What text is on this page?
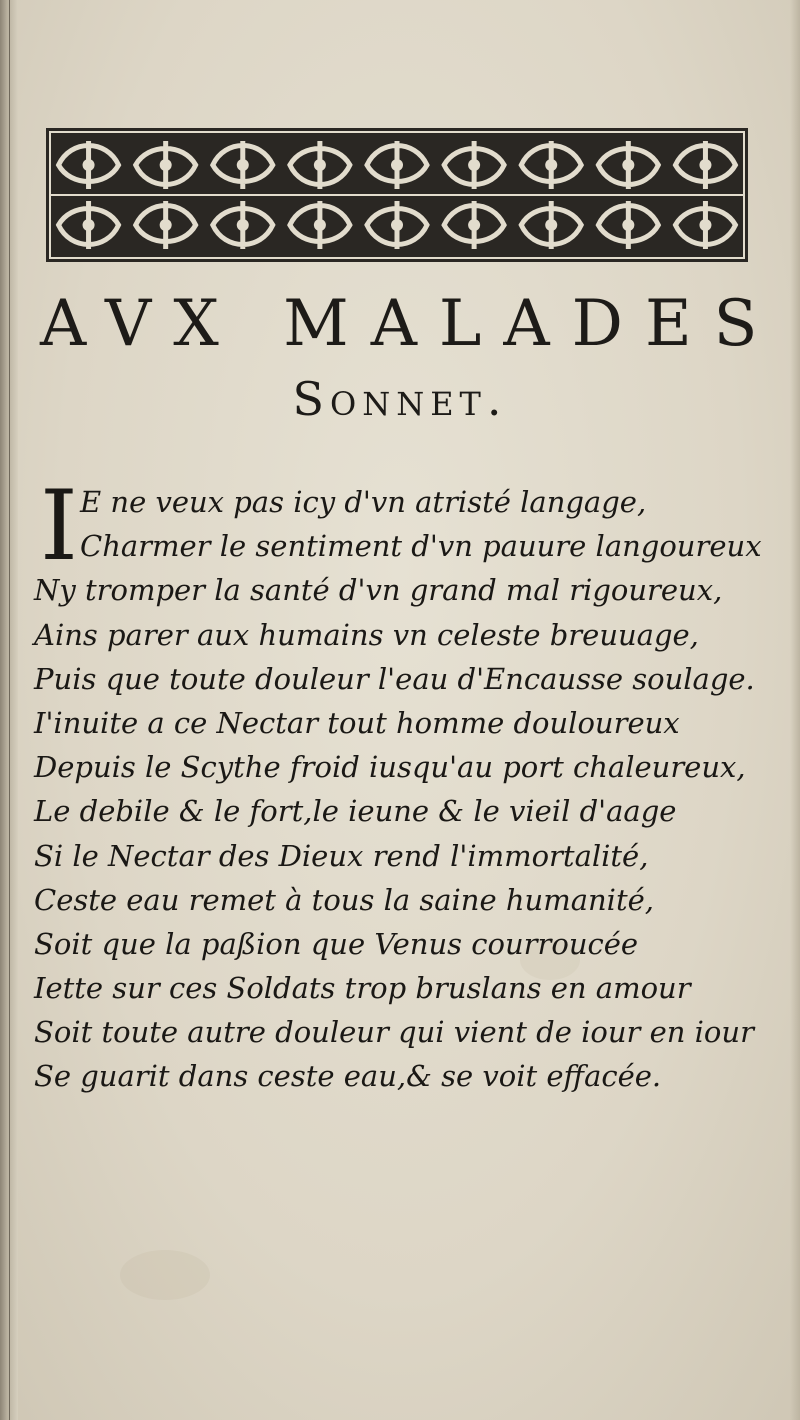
AVX MALADES
Sonnet.
I E ne veux pas icy d'vn atristé langage,
Charmer le sentiment d'vn pauure langoureux
Ny tromper la santé d'vn grand mal rigoureux,
Ains parer aux humains vn celeste breuuage,
Puis que toute douleur l'eau d'Encausse soulage.
I'inuite a ce Nectar tout homme douloureux
Depuis le Scythe froid iusqu'au port chaleureux,
Le debile & le fort,le ieune & le vieil d'aage
Si le Nectar des Dieux rend l'immortalité,
Ceste eau remet à tous la saine humanité,
Soit que la paßion que Venus courroucée
Iette sur ces Soldats trop bruslans en amour
Soit toute autre douleur qui vient de iour en iour
Se guarit dans ceste eau,& se voit effacée.
